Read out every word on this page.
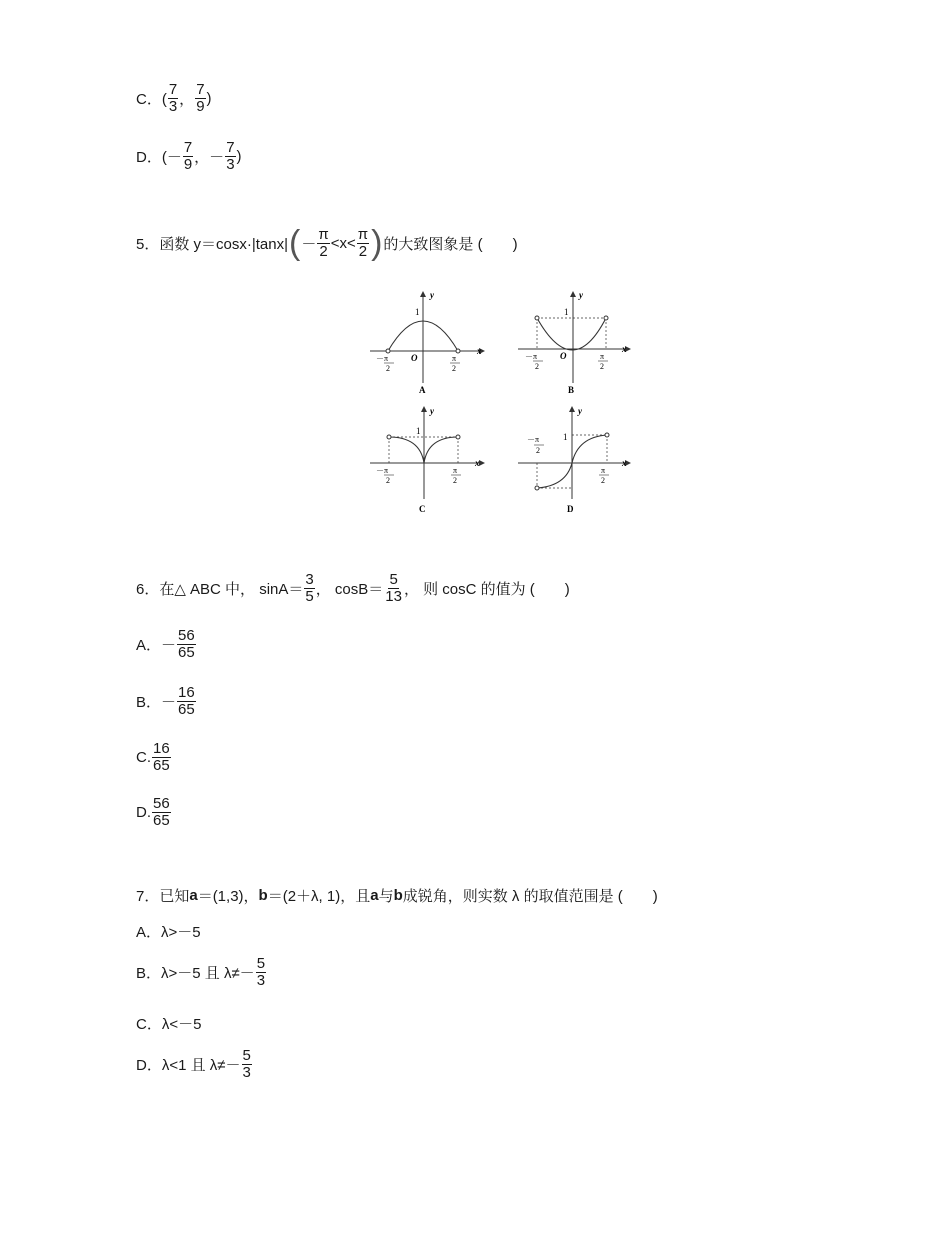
C．( $\frac{7}{3}$ ， $\frac{7}{9}$ )
D．(－ $\frac{7}{9}$ ，－ $\frac{7}{3}$ )
5．函数 y＝cosx·|tanx| ( － $\frac{\pi}{2} <x< \frac{\pi}{2}$ ) 的大致图象是 (　　)
y
x
O
1
－π
2
π
2
A
y
x
O
1
－π
2
π
2
B
y
x
1
－π
2
π
2
C
y
x
1
－π
2
π
2
D
6．在△ ABC 中， $\sin A= \frac{3}{5}$ ， $\cos B= \frac{5}{13}$ ， 则 cosC 的值为 (　　)
A．－ $\frac{56}{65}$
B．－ $\frac{16}{65}$
C. $\frac{16}{65}$
D. $\frac{56}{65}$
7．已知 a ＝(1,3)， b ＝(2＋λ, 1)，且 a 与 b 成锐角，则实数 λ 的取值范围是 (　　)
A．λ>－5
B．λ>－5 且 $\lambda\ne- \frac{5}{3}$
C．λ<－5
D．λ<1 且 $\lambda\ne- \frac{5}{3}$
